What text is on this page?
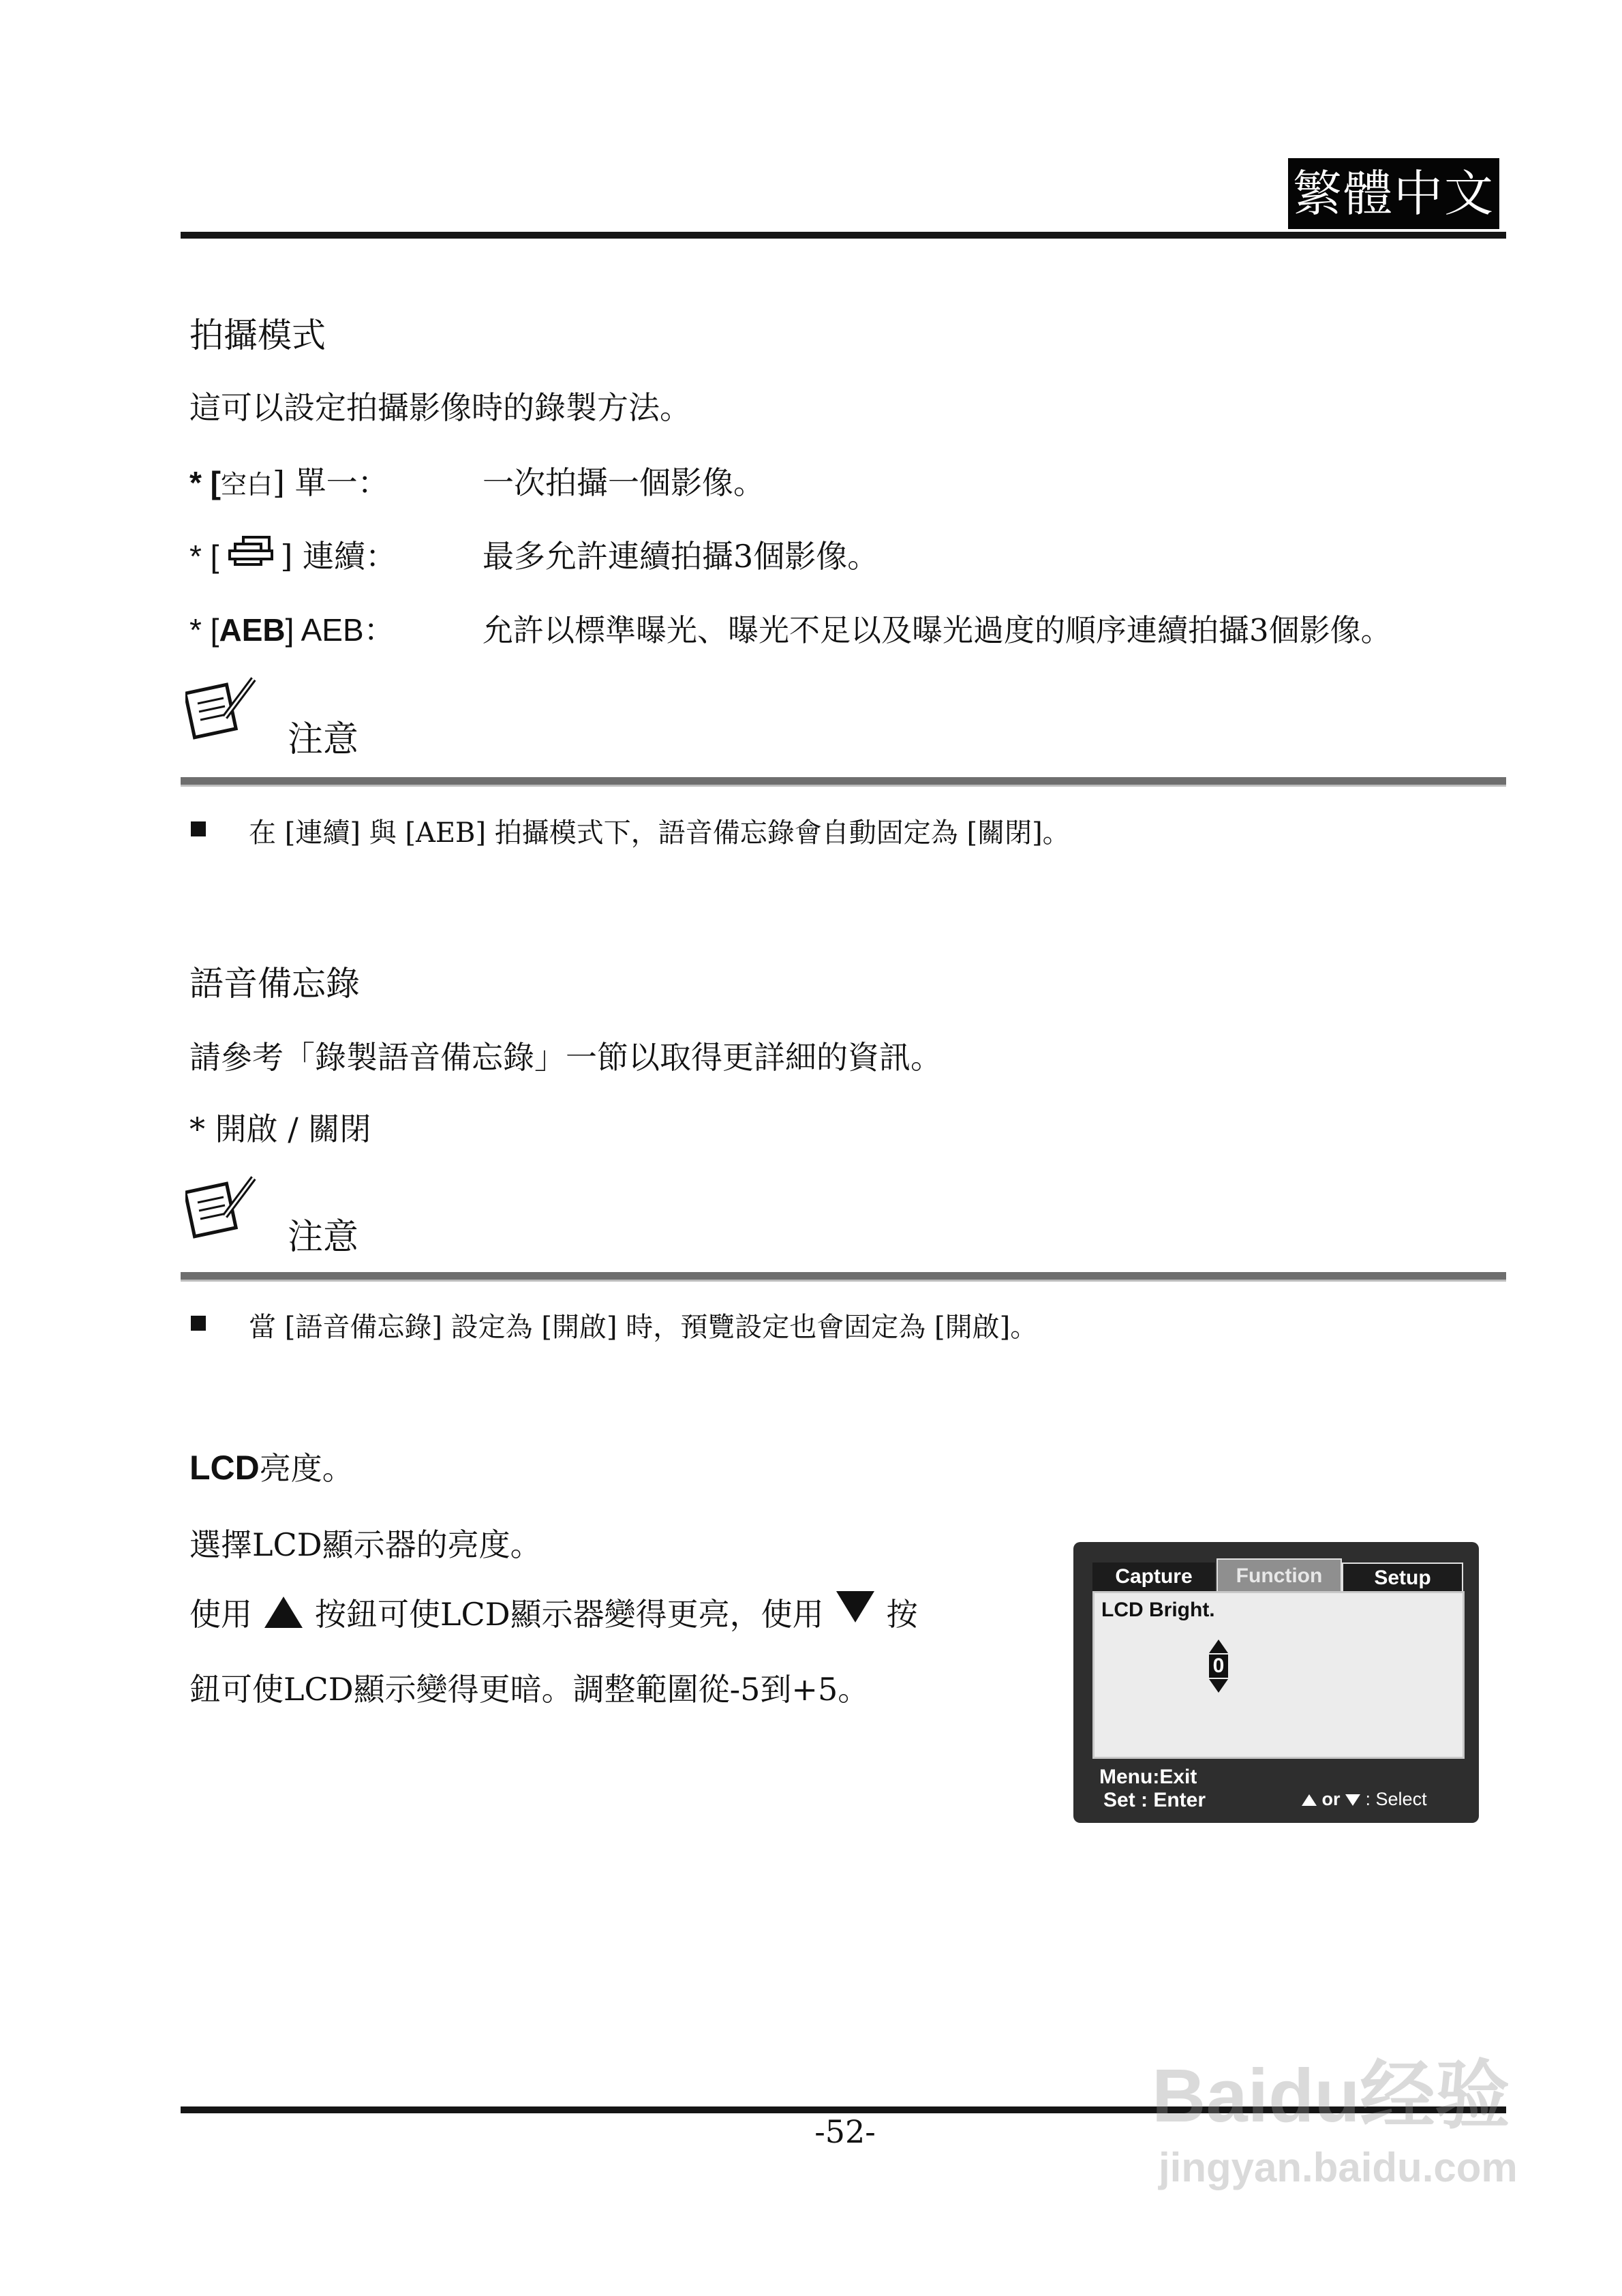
繁體中文
拍攝模式
這可以設定拍攝影像時的錄製方法。
* [空白] 單一：	一次拍攝一個影像。
* [ ] 連續：	最多允許連續拍攝3個影像。
* [AEB] AEB：	允許以標準曝光、曝光不足以及曝光過度的順序連續拍攝3個影像。
注意
在 [連續] 與 [AEB] 拍攝模式下，語音備忘錄會自動固定為 [關閉]。
語音備忘錄
請參考「錄製語音備忘錄」一節以取得更詳細的資訊。
* 開啟 / 關閉
注意
當 [語音備忘錄] 設定為 [開啟] 時，預覽設定也會固定為 [開啟]。
LCD亮度。
選擇LCD顯示器的亮度。
使用 按鈕可使LCD顯示器變得更亮，使用 按
鈕可使LCD顯示變得更暗。調整範圍從-5到+5。
Capture	Function	Setup
LCD Bright.
0
Menu:Exit
Set : Enter	or  : Select
-52-	Baidu经验
jingyan.baidu.com
